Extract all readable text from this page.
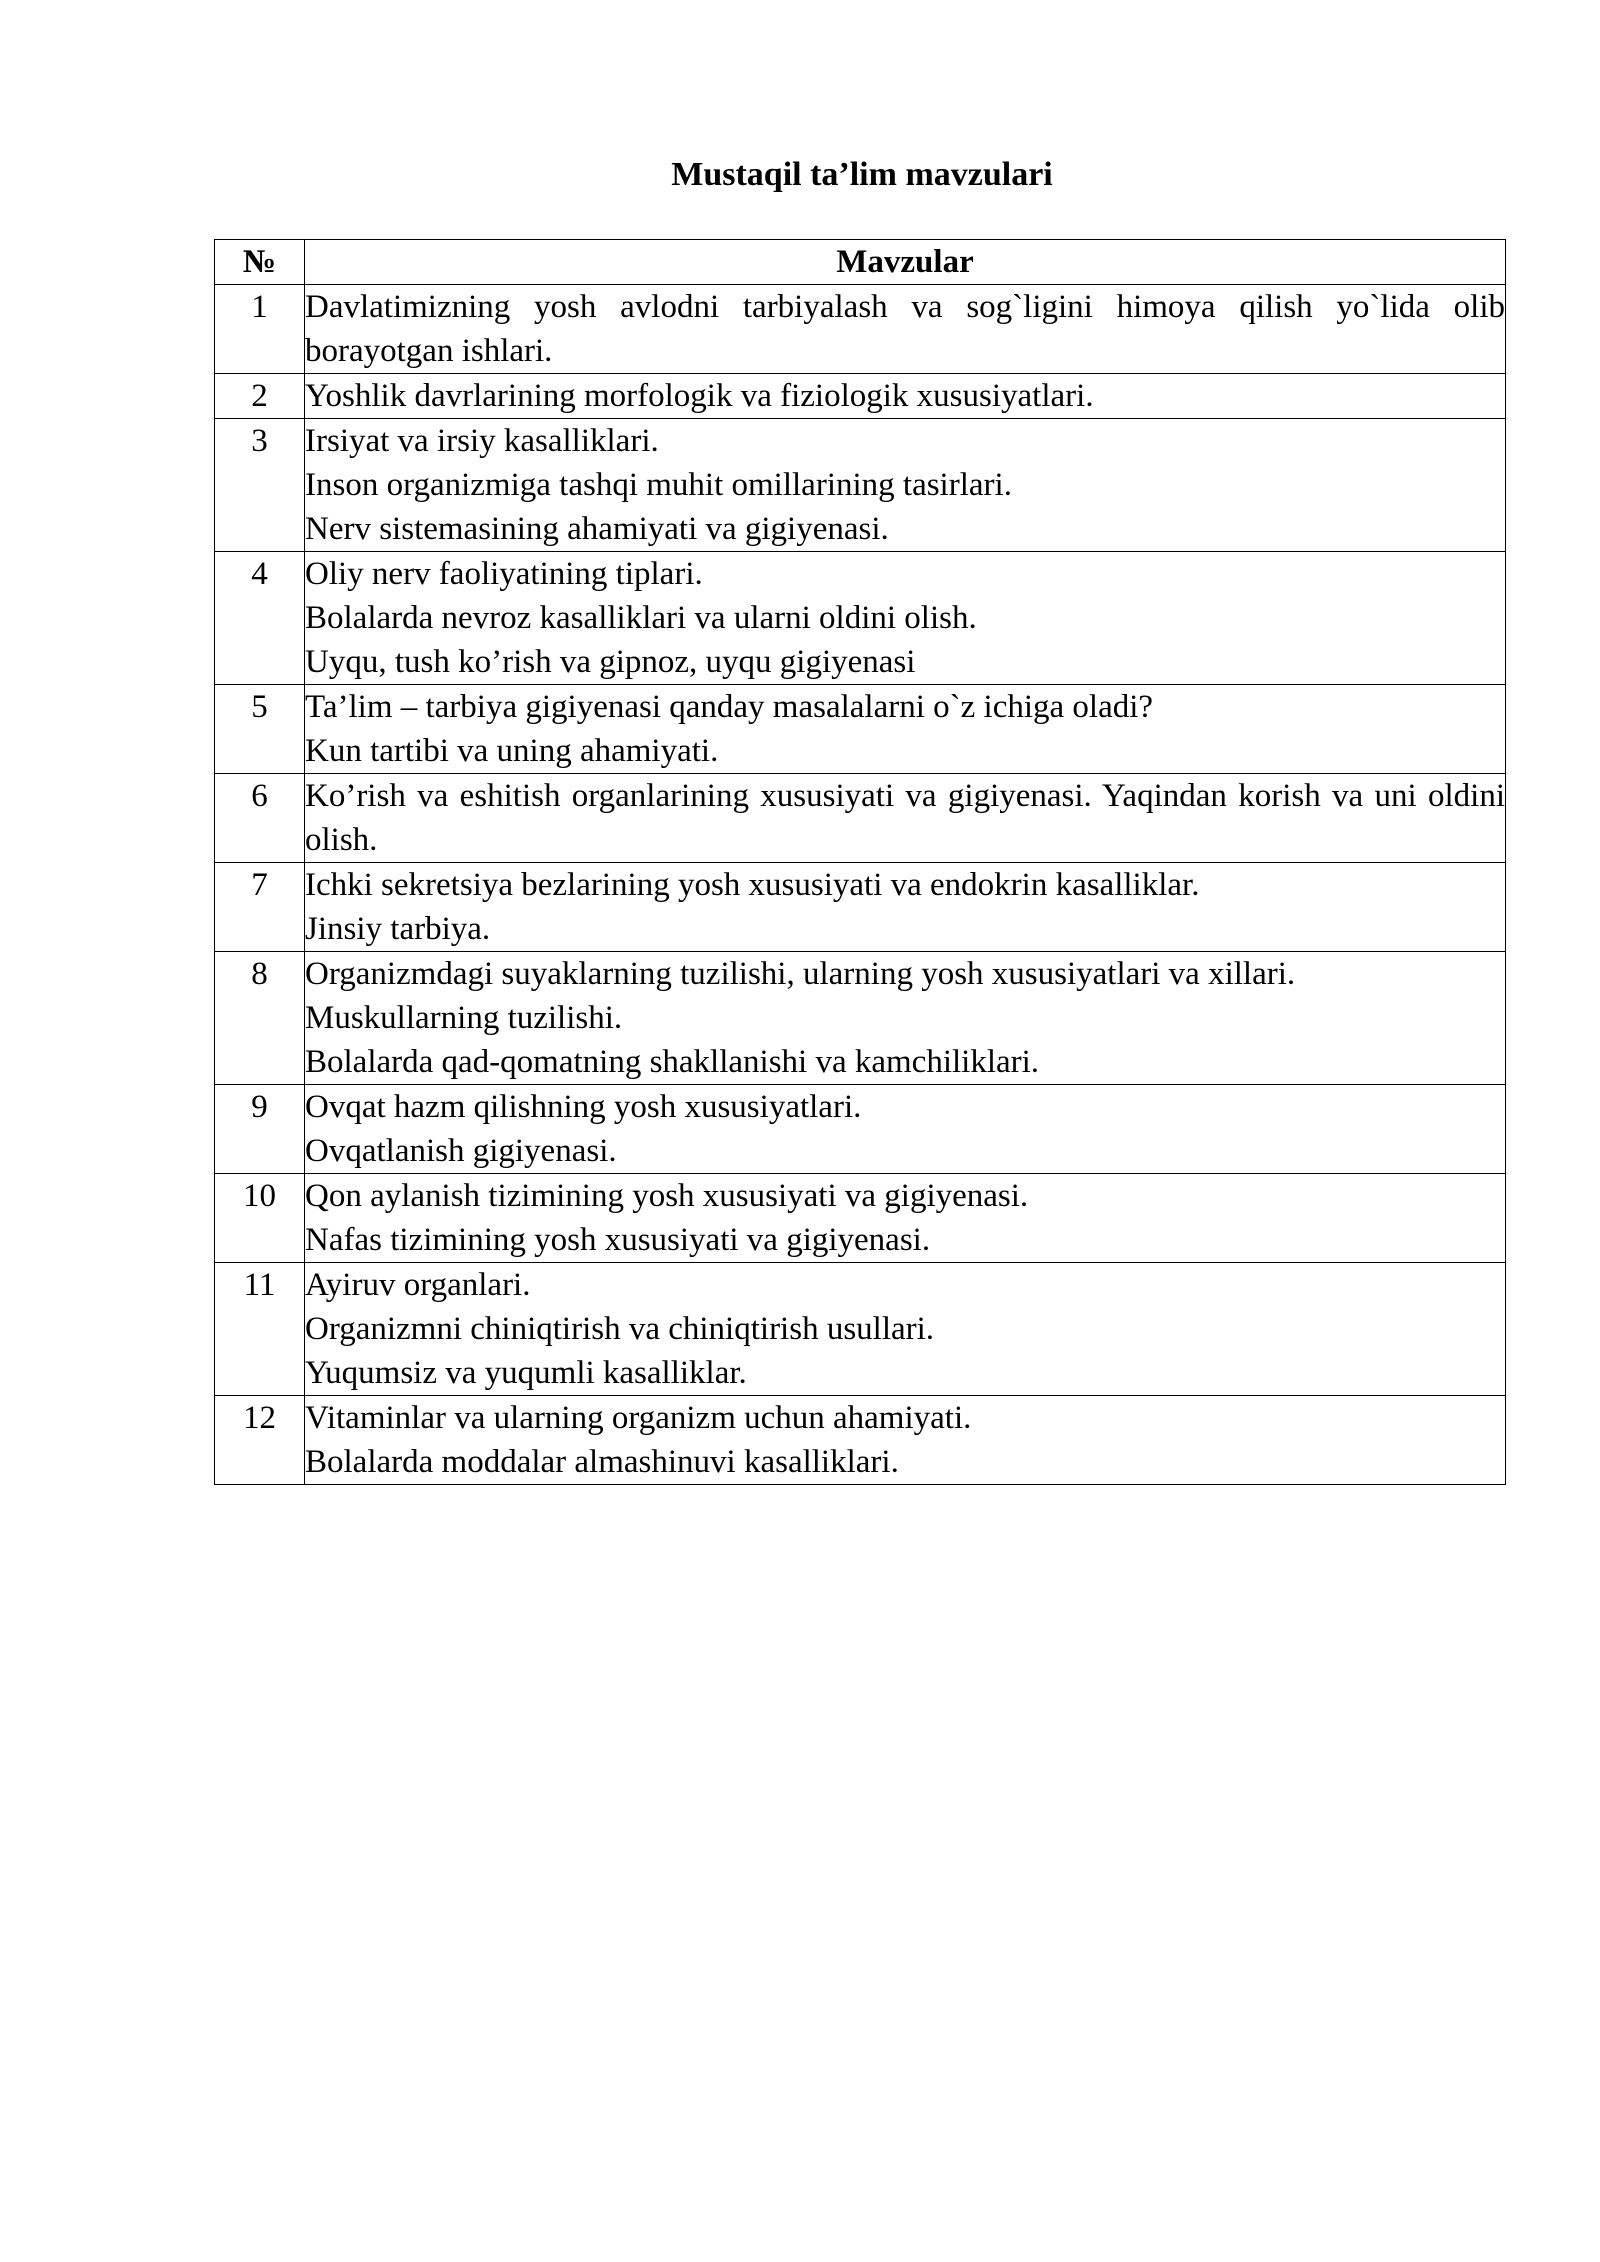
Mustaqil ta’lim mavzulari
№	Mavzular
1	Davlatimizning yosh avlodni tarbiyalash va sog`ligini himoya qilish yo`lida olib borayotgan ishlari.

2	Yoshlik davrlarining morfologik va fiziologik xususiyatlari.

3	Irsiyat va irsiy kasalliklari.
Inson organizmiga tashqi muhit omillarining tasirlari.
Nerv sistemasining ahamiyati va gigiyenasi.

4	Oliy nerv faoliyatining tiplari.
Bolalarda nevroz kasalliklari va ularni oldini olish.
Uyqu, tush ko’rish va gipnoz, uyqu gigiyenasi

5	Ta’lim – tarbiya gigiyenasi qanday masalalarni o`z ichiga oladi?
Kun tartibi va uning ahamiyati.

6	Ko’rish va eshitish organlarining xususiyati va gigiyenasi. Yaqindan korish va uni oldini olish.

7	Ichki sekretsiya bezlarining yosh xususiyati va endokrin kasalliklar.
Jinsiy tarbiya.

8	Organizmdagi suyaklarning tuzilishi, ularning yosh xususiyatlari va xillari.
Muskullarning tuzilishi.
Bolalarda qad-qomatning shakllanishi va kamchiliklari.

9	Ovqat hazm qilishning yosh xususiyatlari.
Ovqatlanish gigiyenasi.

10	Qon aylanish tizimining yosh xususiyati va gigiyenasi.
Nafas tizimining yosh xususiyati va gigiyenasi.

11	Ayiruv organlari.
Organizmni chiniqtirish va chiniqtirish usullari.
Yuqumsiz va yuqumli kasalliklar.

12	Vitaminlar va ularning organizm uchun ahamiyati.
Bolalarda moddalar almashinuvi kasalliklari.
